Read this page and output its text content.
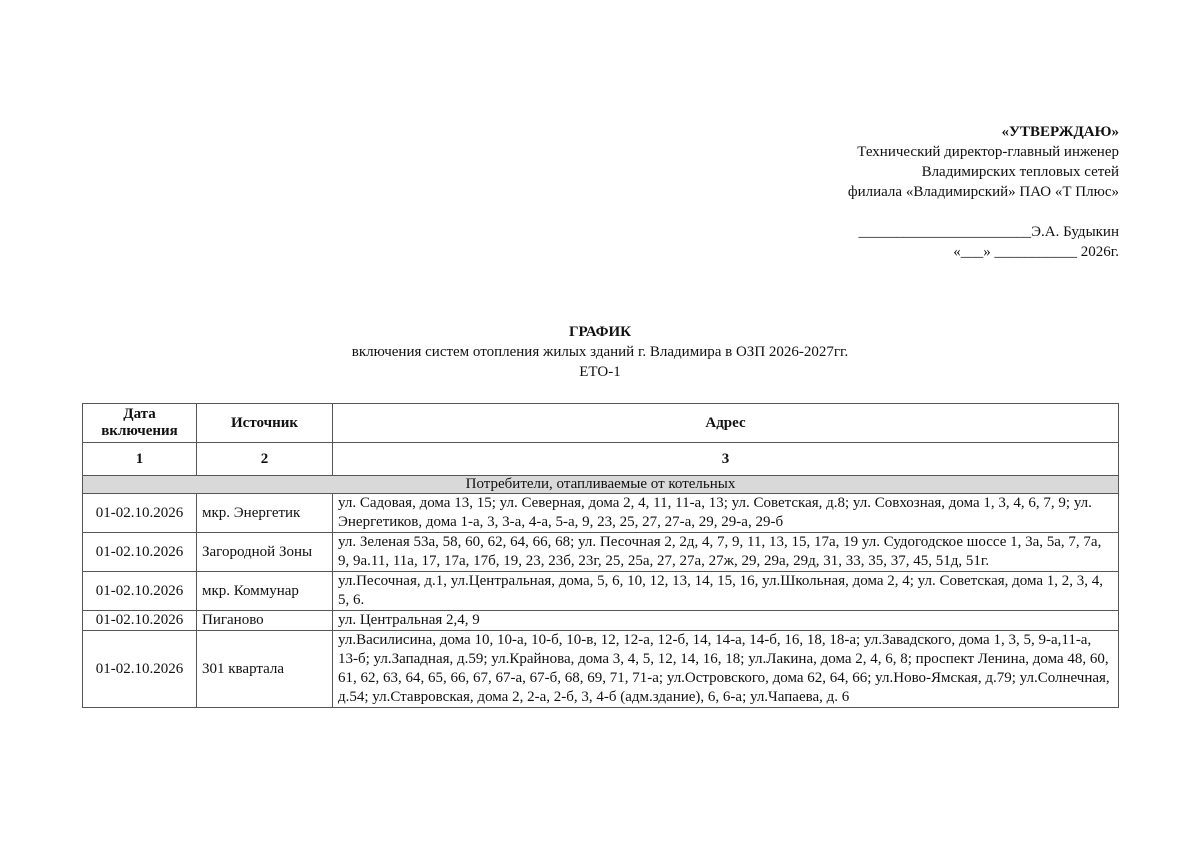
«УТВЕРЖДАЮ»
Технический директор-главный инженер
Владимирских тепловых сетей
филиала «Владимирский» ПАО «Т Плюс»
_______________________Э.А. Будыкин
«___» ___________ 2026г.
ГРАФИК
включения систем отопления жилых зданий г. Владимира в ОЗП 2026-2027гг.
ЕТО-1
Дата включения	Источник	Адрес
1	2	3
Потребители, отапливаемые от котельных		
01-02.10.2026	мкр. Энергетик	ул. Садовая, дома 13, 15; ул. Северная, дома 2, 4, 11, 11-а, 13; ул. Советская, д.8; ул. Совхозная, дома 1, 3, 4, 6, 7, 9; ул. Энергетиков, дома 1-а, 3, 3-а, 4-а, 5-а, 9, 23, 25, 27, 27-а, 29, 29-а, 29-б
01-02.10.2026	Загородной Зоны	ул. Зеленая 53а, 58, 60, 62, 64, 66, 68; ул. Песочная 2, 2д, 4, 7, 9, 11, 13, 15, 17а, 19 ул. Судогодское шоссе 1, 3а, 5а, 7, 7а, 9, 9а.11, 11а, 17, 17а, 17б, 19, 23, 23б, 23г, 25, 25а, 27, 27а, 27ж, 29, 29а, 29д, 31, 33, 35, 37, 45, 51д, 51г.
01-02.10.2026	мкр. Коммунар	ул.Песочная, д.1, ул.Центральная, дома, 5, 6, 10, 12, 13, 14, 15, 16, ул.Школьная, дома 2, 4; ул. Советская, дома 1, 2, 3, 4, 5, 6.
01-02.10.2026	Пиганово	ул. Центральная 2,4, 9
01-02.10.2026	301 квартала	ул.Василисина, дома 10, 10-а, 10-б, 10-в, 12, 12-а, 12-б, 14, 14-а, 14-б, 16, 18, 18-а; ул.Завадского, дома 1, 3, 5, 9-а,11-а, 13-б; ул.Западная, д.59; ул.Крайнова, дома 3, 4, 5, 12, 14, 16, 18; ул.Лакина, дома 2, 4, 6, 8; проспект Ленина, дома 48, 60, 61, 62, 63, 64, 65, 66, 67, 67-а, 67-б, 68, 69, 71, 71-а; ул.Островского, дома 62, 64, 66; ул.Ново-Ямская, д.79; ул.Солнечная, д.54; ул.Ставровская, дома 2, 2-а, 2-б, 3, 4-б (адм.здание), 6, 6-а; ул.Чапаева, д. 6
